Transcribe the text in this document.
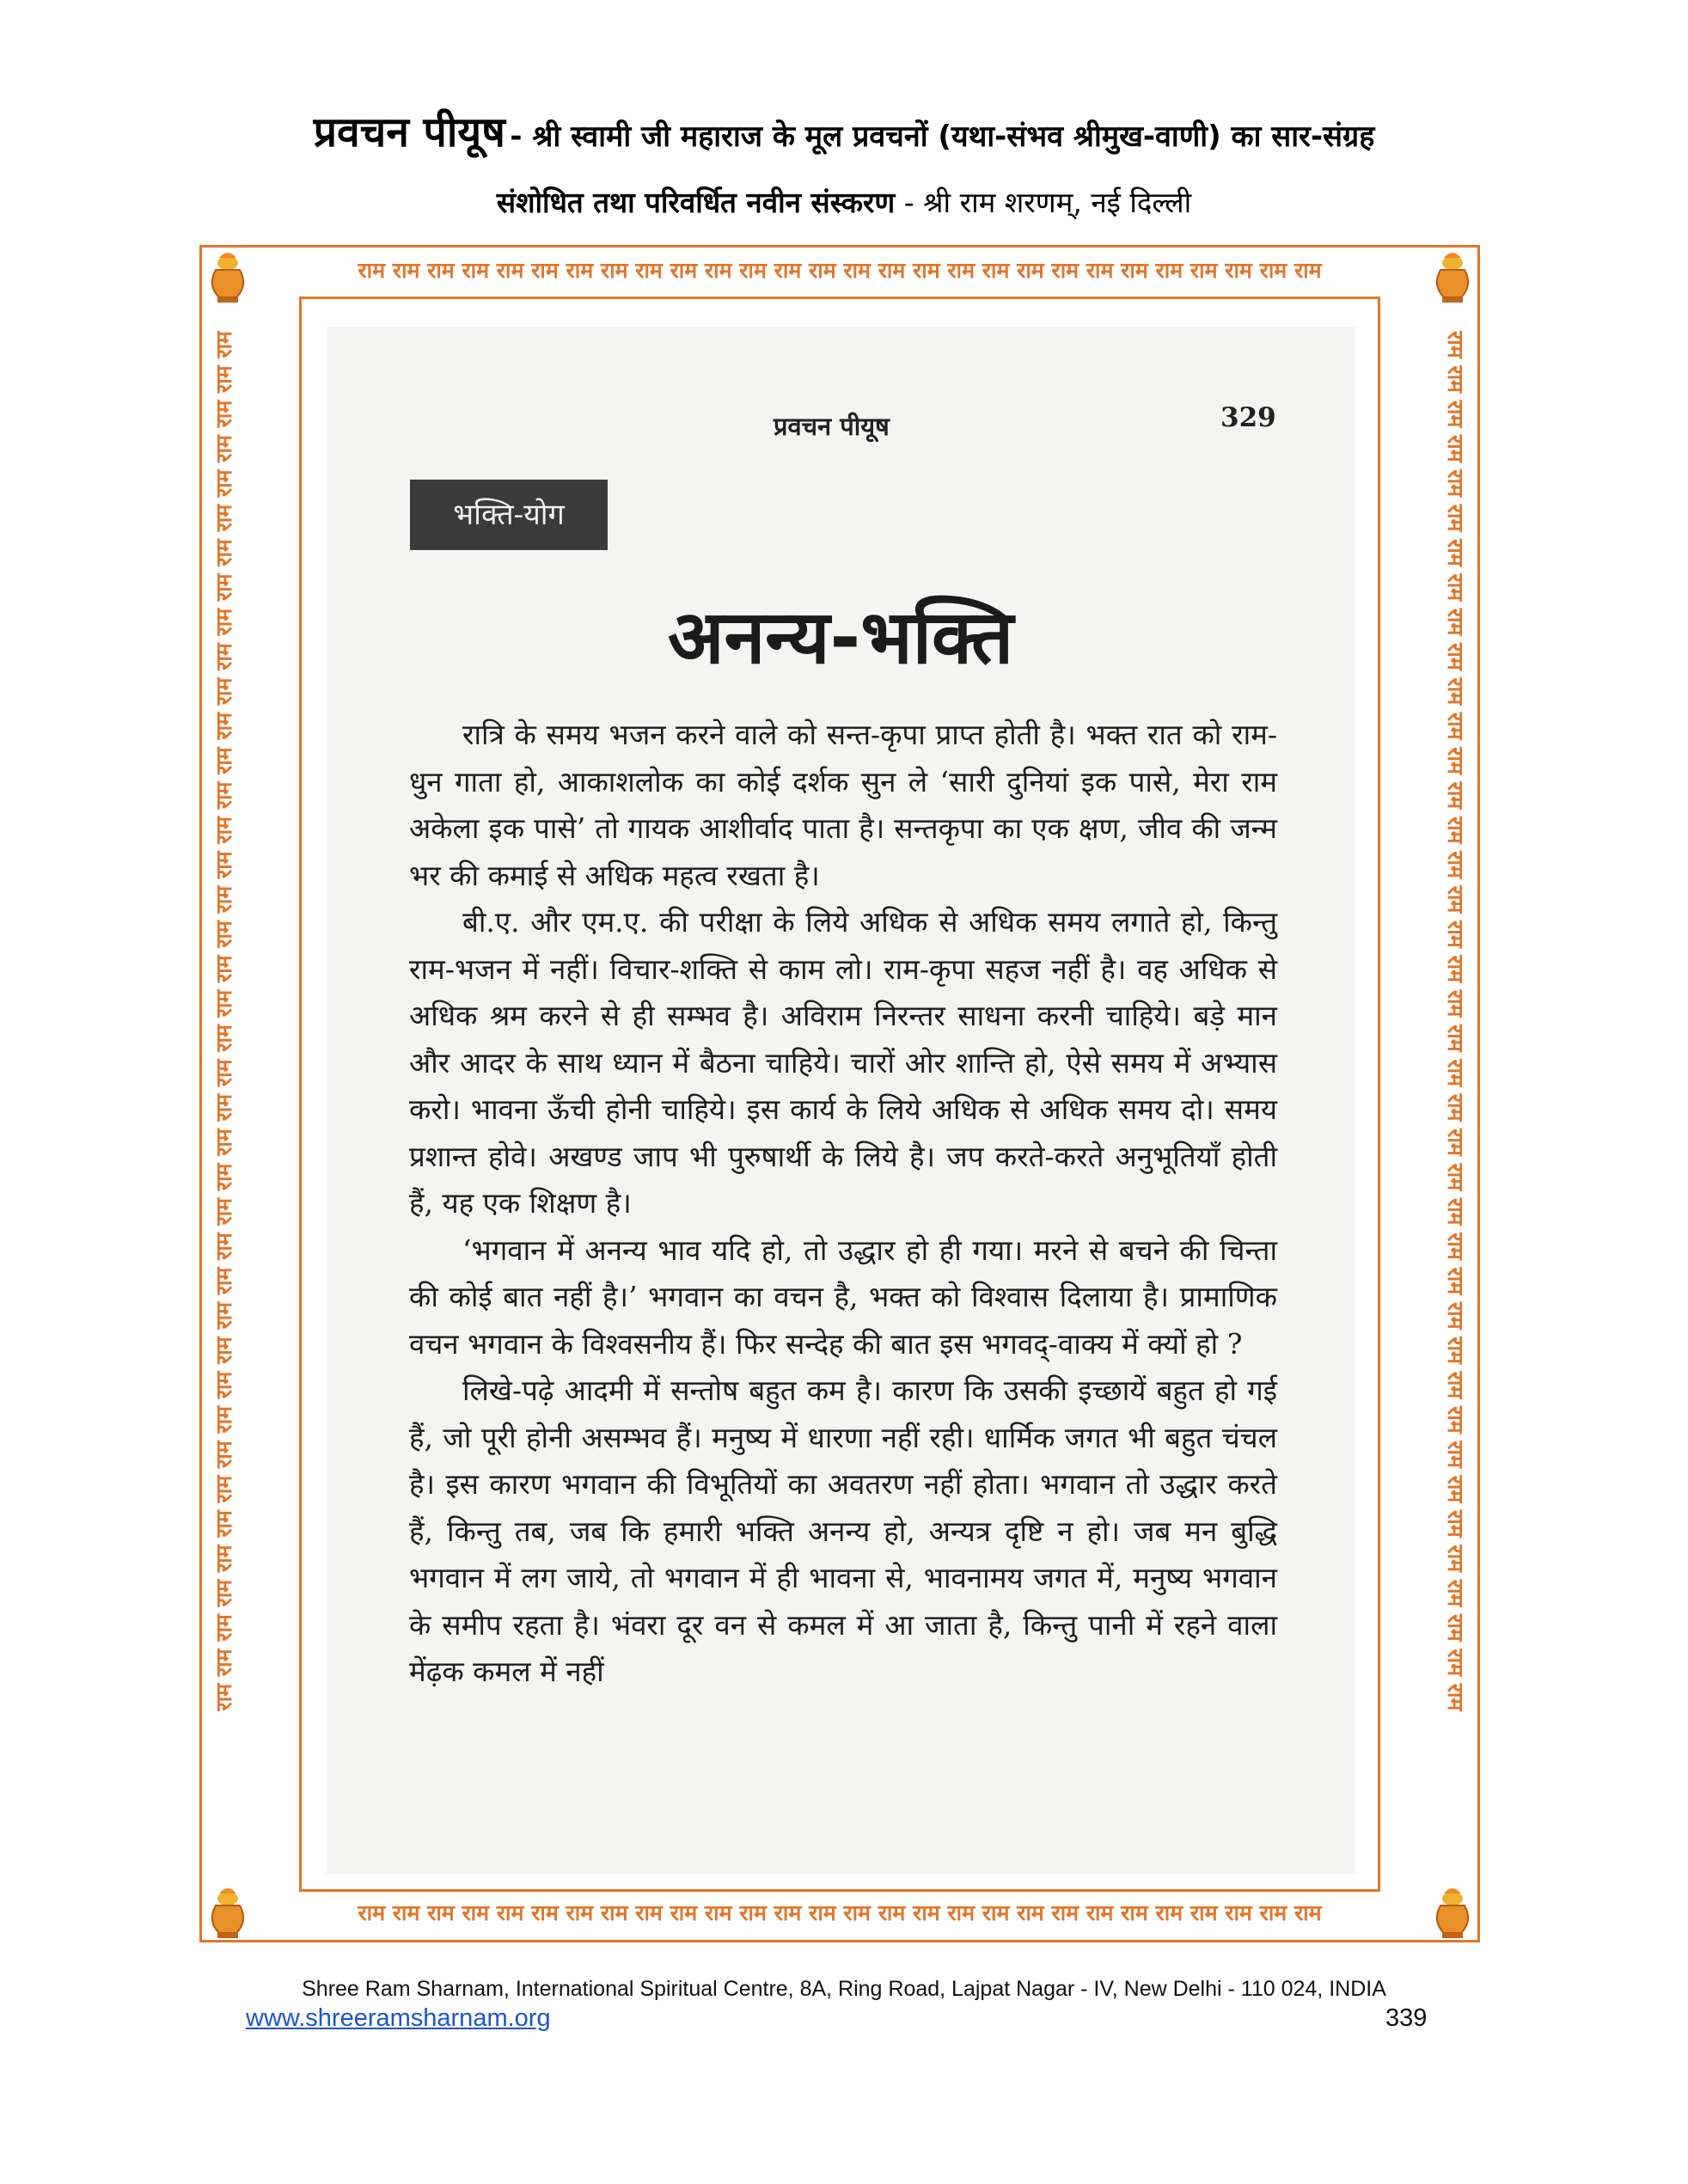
प्रवचन पीयूष - श्री स्वामी जी महाराज के मूल प्रवचनों (यथा-संभव श्रीमुख-वाणी) का सार-संग्रह
संशोधित तथा परिवर्धित नवीन संस्करण - श्री राम शरणम्, नई दिल्ली
राम राम राम राम राम राम राम राम राम राम राम राम राम राम राम राम राम राम राम राम राम राम राम राम राम राम राम राम
राम राम राम राम राम राम राम राम राम राम राम राम राम राम राम राम राम राम राम राम राम राम राम राम राम राम राम राम
राम राम राम राम राम राम राम राम राम राम राम राम राम राम राम राम राम राम राम राम राम राम राम राम राम राम राम राम राम राम राम राम राम राम राम राम राम राम राम राम	राम राम राम राम राम राम राम राम राम राम राम राम राम राम राम राम राम राम राम राम राम राम राम राम राम राम राम राम राम राम राम राम राम राम राम राम राम राम राम राम
प्रवचन पीयूष	329
भक्ति-योग
अनन्य-भक्ति

रात्रि के समय भजन करने वाले को सन्त-कृपा प्राप्त होती है। भक्त रात को राम-धुन गाता हो, आकाशलोक का कोई दर्शक सुन ले ‘सारी दुनियां इक पासे, मेरा राम अकेला इक पासे’ तो गायक आशीर्वाद पाता है। सन्तकृपा का एक क्षण, जीव की जन्म भर की कमाई से अधिक महत्व रखता है।

बी.ए. और एम.ए. की परीक्षा के लिये अधिक से अधिक समय लगाते हो, किन्तु राम-भजन में नहीं। विचार-शक्ति से काम लो। राम-कृपा सहज नहीं है। वह अधिक से अधिक श्रम करने से ही सम्भव है। अविराम निरन्तर साधना करनी चाहिये। बड़े मान और आदर के साथ ध्यान में बैठना चाहिये। चारों ओर शान्ति हो, ऐसे समय में अभ्यास करो। भावना ऊँची होनी चाहिये। इस कार्य के लिये अधिक से अधिक समय दो। समय प्रशान्त होवे। अखण्ड जाप भी पुरुषार्थी के लिये है। जप करते-करते अनुभूतियाँ होती हैं, यह एक शिक्षण है।

‘भगवान में अनन्य भाव यदि हो, तो उद्धार हो ही गया। मरने से बचने की चिन्ता की कोई बात नहीं है।’ भगवान का वचन है, भक्त को विश्वास दिलाया है। प्रामाणिक वचन भगवान के विश्वसनीय हैं। फिर सन्देह की बात इस भगवद्-वाक्य में क्यों हो ?

लिखे-पढ़े आदमी में सन्तोष बहुत कम है। कारण कि उसकी इच्छायें बहुत हो गई हैं, जो पूरी होनी असम्भव हैं। मनुष्य में धारणा नहीं रही। धार्मिक जगत भी बहुत चंचल है। इस कारण भगवान की विभूतियों का अवतरण नहीं होता। भगवान तो उद्धार करते हैं, किन्तु तब, जब कि हमारी भक्ति अनन्य हो, अन्यत्र दृष्टि न हो। जब मन बुद्धि भगवान में लग जाये, तो भगवान में ही भावना से, भावनामय जगत में, मनुष्य भगवान के समीप रहता है। भंवरा दूर वन से कमल में आ जाता है, किन्तु पानी में रहने वाला मेंढ़क कमल में नहीं

Shree Ram Sharnam, International Spiritual Centre, 8A, Ring Road, Lajpat Nagar - IV, New Delhi - 110 024, INDIA
www.shreeramsharnam.org	339
